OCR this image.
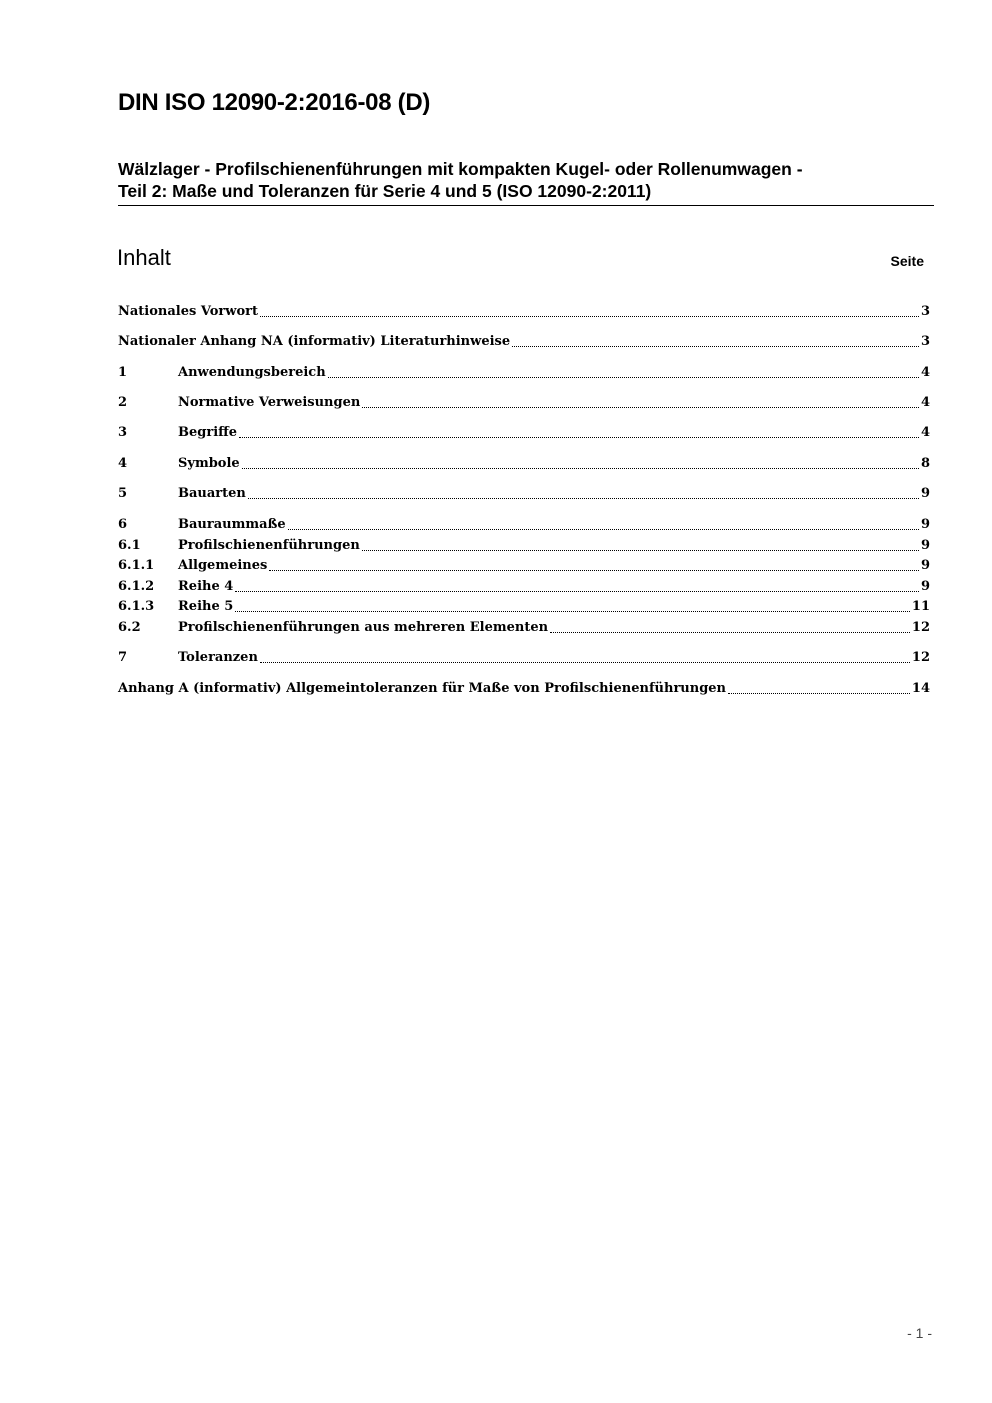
DIN ISO 12090-2:2016-08 (D)
Wälzlager - Profilschienenführungen mit kompakten Kugel- oder Rollenumwagen -
Teil 2: Maße und Toleranzen für Serie 4 und 5 (ISO 12090-2:2011)
Inhalt	Seite
Nationales Vorwort	3
Nationaler Anhang NA (informativ) Literaturhinweise	3
1	Anwendungsbereich	4
2	Normative Verweisungen	4
3	Begriffe	4
4	Symbole	8
5	Bauarten	9
6	Bauraummaße	9
6.1	Profilschienenführungen	9
6.1.1	Allgemeines	9
6.1.2	Reihe 4	9
6.1.3	Reihe 5	11
6.2	Profilschienenführungen aus mehreren Elementen	12
7	Toleranzen	12
Anhang A (informativ) Allgemeintoleranzen für Maße von Profilschienenführungen	14
- 1 -
